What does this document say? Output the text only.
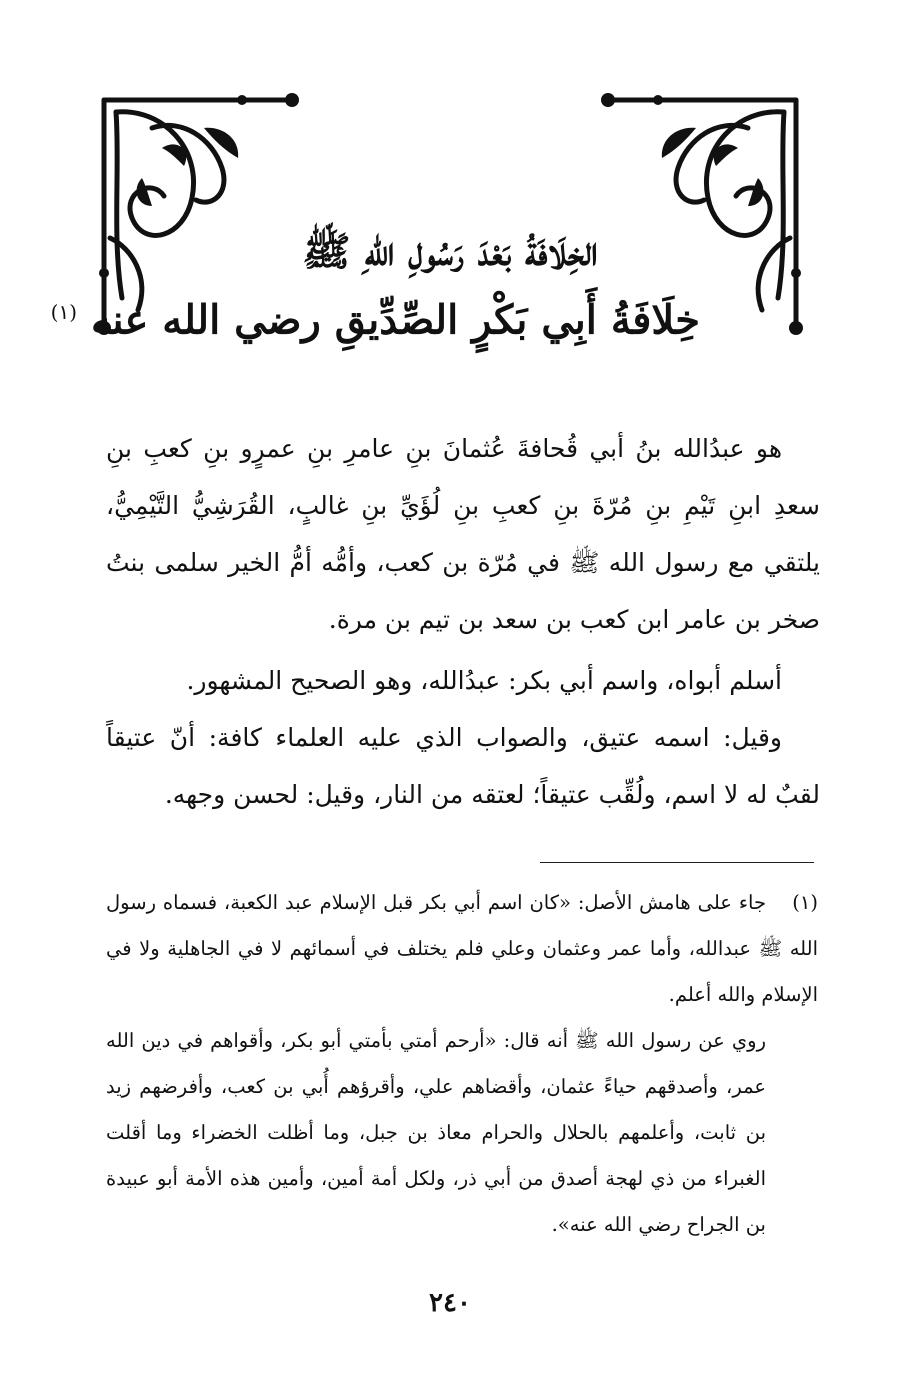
الخِلَافَةُ بَعْدَ رَسُولِ اللهِ ﷺ
خِلَافَةُ أَبِي بَكْرٍ الصِّدِّيقِ رضي الله عنه $^{(١)}$

هو عبدُالله بنُ أبي قُحافةَ عُثمانَ بنِ عامرِ بنِ عمرٍو بنِ كعبِ بنِ سعدِ ابنِ تَيْمِ بنِ مُرّةَ بنِ كعبِ بنِ لُؤَيِّ بنِ غالبٍ، القُرَشِيُّ التَّيْمِيُّ، يلتقي مع رسول الله ﷺ في مُرّة بن كعب، وأمُّه أمُّ الخير سلمى بنتُ صخر بن عامر ابن كعب بن سعد بن تيم بن مرة.

أسلم أبواه، واسم أبي بكر: عبدُالله، وهو الصحيح المشهور.

وقيل: اسمه عتيق، والصواب الذي عليه العلماء كافة: أنّ عتيقاً لقبٌ له لا اسم، ولُقِّب عتيقاً؛ لعتقه من النار، وقيل: لحسن وجهه.

(١)جاء على هامش الأصل: «كان اسم أبي بكر قبل الإسلام عبد الكعبة، فسماه رسول الله ﷺ عبدالله، وأما عمر وعثمان وعلي فلم يختلف في أسمائهم لا في الجاهلية ولا في الإسلام والله أعلم.

روي عن رسول الله ﷺ أنه قال: «أرحم أمتي بأمتي أبو بكر، وأقواهم في دين الله عمر، وأصدقهم حياءً عثمان، وأقضاهم علي، وأقرؤهم أُبي بن كعب، وأفرضهم زيد بن ثابت، وأعلمهم بالحلال والحرام معاذ بن جبل، وما أظلت الخضراء وما أقلت الغبراء من ذي لهجة أصدق من أبي ذر، ولكل أمة أمين، وأمين هذه الأمة أبو عبيدة بن الجراح رضي الله عنه».

٢٤٠
